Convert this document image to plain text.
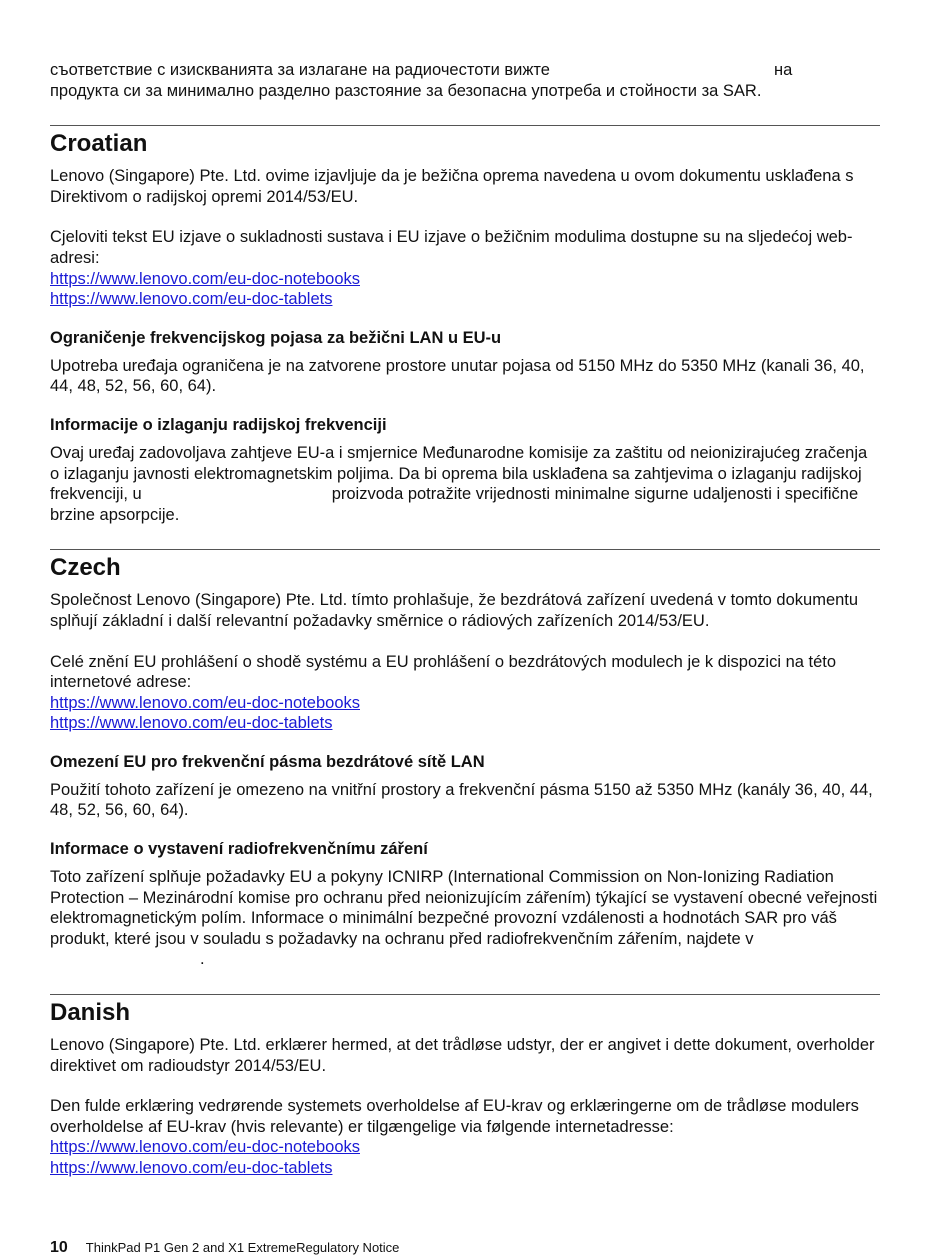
съответствие с изискванията за излагане на радиочестоти вижте	на

продукта си за минимално разделно разстояние за безопасна употреба и стойности за SAR.

Croatian

Lenovo (Singapore) Pte. Ltd. ovime izjavljuje da je bežična oprema navedena u ovom dokumentu usklađena s Direktivom o radijskoj opremi 2014/53/EU.

Cjeloviti tekst EU izjave o sukladnosti sustava i EU izjave o bežičnim modulima dostupne su na sljedećoj web-adresi:

https://www.lenovo.com/eu-doc-notebooks

https://www.lenovo.com/eu-doc-tablets

Ograničenje frekvencijskog pojasa za bežični LAN u EU-u

Upotreba uređaja ograničena je na zatvorene prostore unutar pojasa od 5150 MHz do 5350 MHz (kanali 36, 40, 44, 48, 52, 56, 60, 64).

Informacije o izlaganju radijskoj frekvenciji

Ovaj uređaj zadovoljava zahtjeve EU-a i smjernice Međunarodne komisije za zaštitu od neionizirajućeg zračenja o izlaganju javnosti elektromagnetskim poljima. Da bi oprema bila usklađena sa zahtjevima o izlaganju radijskoj frekvenciji, u	proizvoda potražite vrijednosti minimalne sigurne udaljenosti i specifične brzine apsorpcije.

Czech

Společnost Lenovo (Singapore) Pte. Ltd. tímto prohlašuje, že bezdrátová zařízení uvedená v tomto dokumentu splňují základní i další relevantní požadavky směrnice o rádiových zařízeních 2014/53/EU.

Celé znění EU prohlášení o shodě systému a EU prohlášení o bezdrátových modulech je k dispozici na této internetové adrese:

https://www.lenovo.com/eu-doc-notebooks

https://www.lenovo.com/eu-doc-tablets

Omezení EU pro frekvenční pásma bezdrátové sítě LAN

Použití tohoto zařízení je omezeno na vnitřní prostory a frekvenční pásma 5150 až 5350 MHz (kanály 36, 40, 44, 48, 52, 56, 60, 64).

Informace o vystavení radiofrekvenčnímu záření

Toto zařízení splňuje požadavky EU a pokyny ICNIRP (International Commission on Non-Ionizing Radiation Protection – Mezinárodní komise pro ochranu před neionizujícím zářením) týkající se vystavení obecné veřejnosti elektromagnetickým polím. Informace o minimální bezpečné provozní vzdálenosti a hodnotách SAR pro váš produkt, které jsou v souladu s požadavky na ochranu před radiofrekvenčním zářením, najdete v.

Danish

Lenovo (Singapore) Pte. Ltd. erklærer hermed, at det trådløse udstyr, der er angivet i dette dokument, overholder direktivet om radioudstyr 2014/53/EU.

Den fulde erklæring vedrørende systemets overholdelse af EU-krav og erklæringerne om de trådløse modulers overholdelse af EU-krav (hvis relevante) er tilgængelige via følgende internetadresse:

https://www.lenovo.com/eu-doc-notebooks

https://www.lenovo.com/eu-doc-tablets

10 ThinkPad P1 Gen 2 and X1 ExtremeRegulatory Notice
